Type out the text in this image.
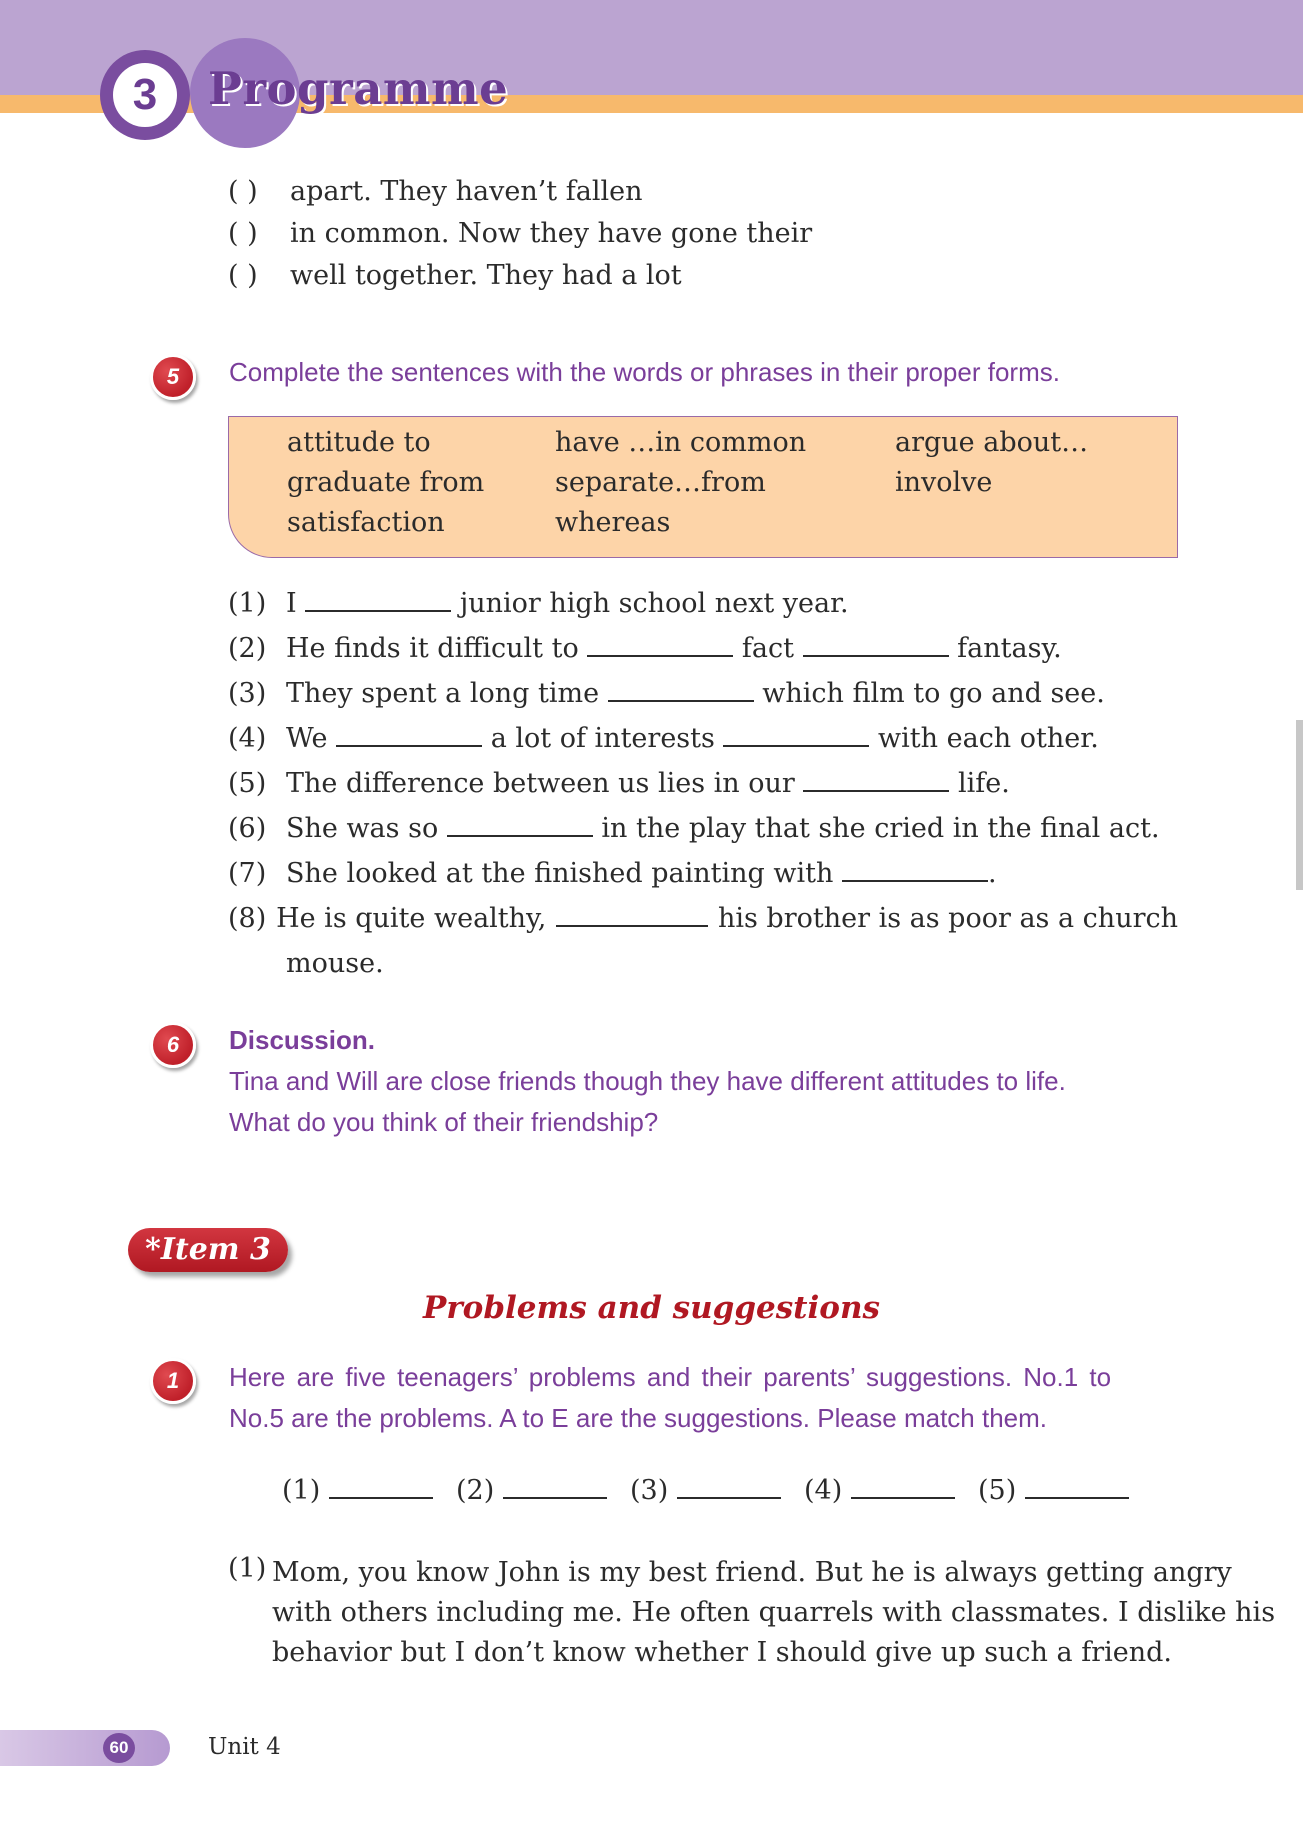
3	Programme
( ) apart. They haven’t fallen
( ) in common. Now they have gone their
( ) well together. They had a lot
5	Complete the sentences with the words or phrases in their proper forms.
attitude to	have …in common	argue about…
graduate from	separate…from	involve
satisfaction	whereas
(1) I	junior high school next year.
(2) He finds it difficult to	fact	fantasy.
(3) They spent a long time	which film to go and see.
(4) We	a lot of interests	with each other.
(5) The difference between us lies in our	life.
(6) She was so	in the play that she cried in the final act.
(7) She looked at the finished painting with	.
(8) He is quite wealthy,	his brother is as poor as a church
mouse.
6	Discussion.
Tina and Will are close friends though they have different attitudes to life.
What do you think of their friendship?
*Item 3
Problems and suggestions
1	Here are five teenagers’ problems and their parents’ suggestions. No.1 to
No.5 are the problems. A to E are the suggestions. Please match them.
(1)	(2)	(3)	(4)	(5)
(1) Mom, you know John is my best friend. But he is always getting angry
with others including me. He often quarrels with classmates. I dislike his
behavior but I don’t know whether I should give up such a friend.
60	Unit 4
